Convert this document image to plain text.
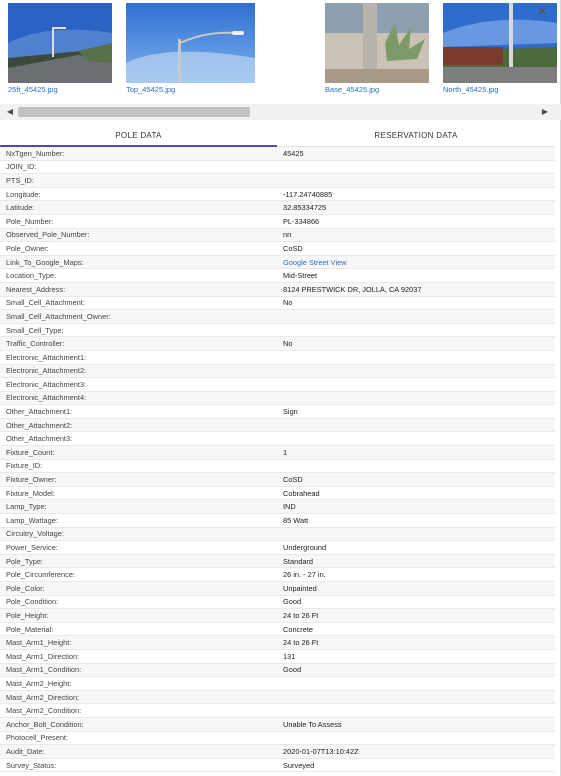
25ft_45425.jpg	Top_45425.jpg	Base_45425.jpg	North_45425.jpg
✕
◀	▶
POLE DATA	RESERVATION DATA
NxTgen_Number:	45425
JOIN_ID:
PTS_ID:
Longitude:	-117.24740885
Latitude:	32.85334725
Pole_Number:	PL-334866
Observed_Pole_Number:	nn
Pole_Owner:	CoSD
Link_To_Google_Maps:	Google Street View
Location_Type:	Mid-Street
Nearest_Address:	8124 PRESTWICK DR, JOLLA, CA 92037
Small_Cell_Attachment:	No
Small_Cell_Attachment_Owner:
Small_Cell_Type:
Traffic_Controller:	No
Electronic_Attachment1:
Electronic_Attachment2:
Electronic_Attachment3:
Electronic_Attachment4:
Other_Attachment1:	Sign
Other_Attachment2:
Other_Attachment3:
Fixture_Count:	1
Fixture_ID:
Fixture_Owner:	CoSD
Fixture_Model:	Cobrahead
Lamp_Type:	IND
Lamp_Wattage:	85 Watt
Circuitry_Voltage:
Power_Service:	Underground
Pole_Type:	Standard
Pole_Circumference:	26 in. - 27 in.
Pole_Color:	Unpainted
Pole_Condition:	Good
Pole_Height:	24 to 26 Ft
Pole_Material:	Concrete
Mast_Arm1_Height:	24 to 26 Ft
Mast_Arm1_Direction:	131
Mast_Arm1_Condition:	Good
Mast_Arm2_Height:
Mast_Arm2_Direction:
Mast_Arm2_Condition:
Anchor_Bolt_Condition:	Unable To Assess
Photocell_Present:
Audit_Date:	2020-01-07T13:10:42Z
Survey_Status:	Surveyed
